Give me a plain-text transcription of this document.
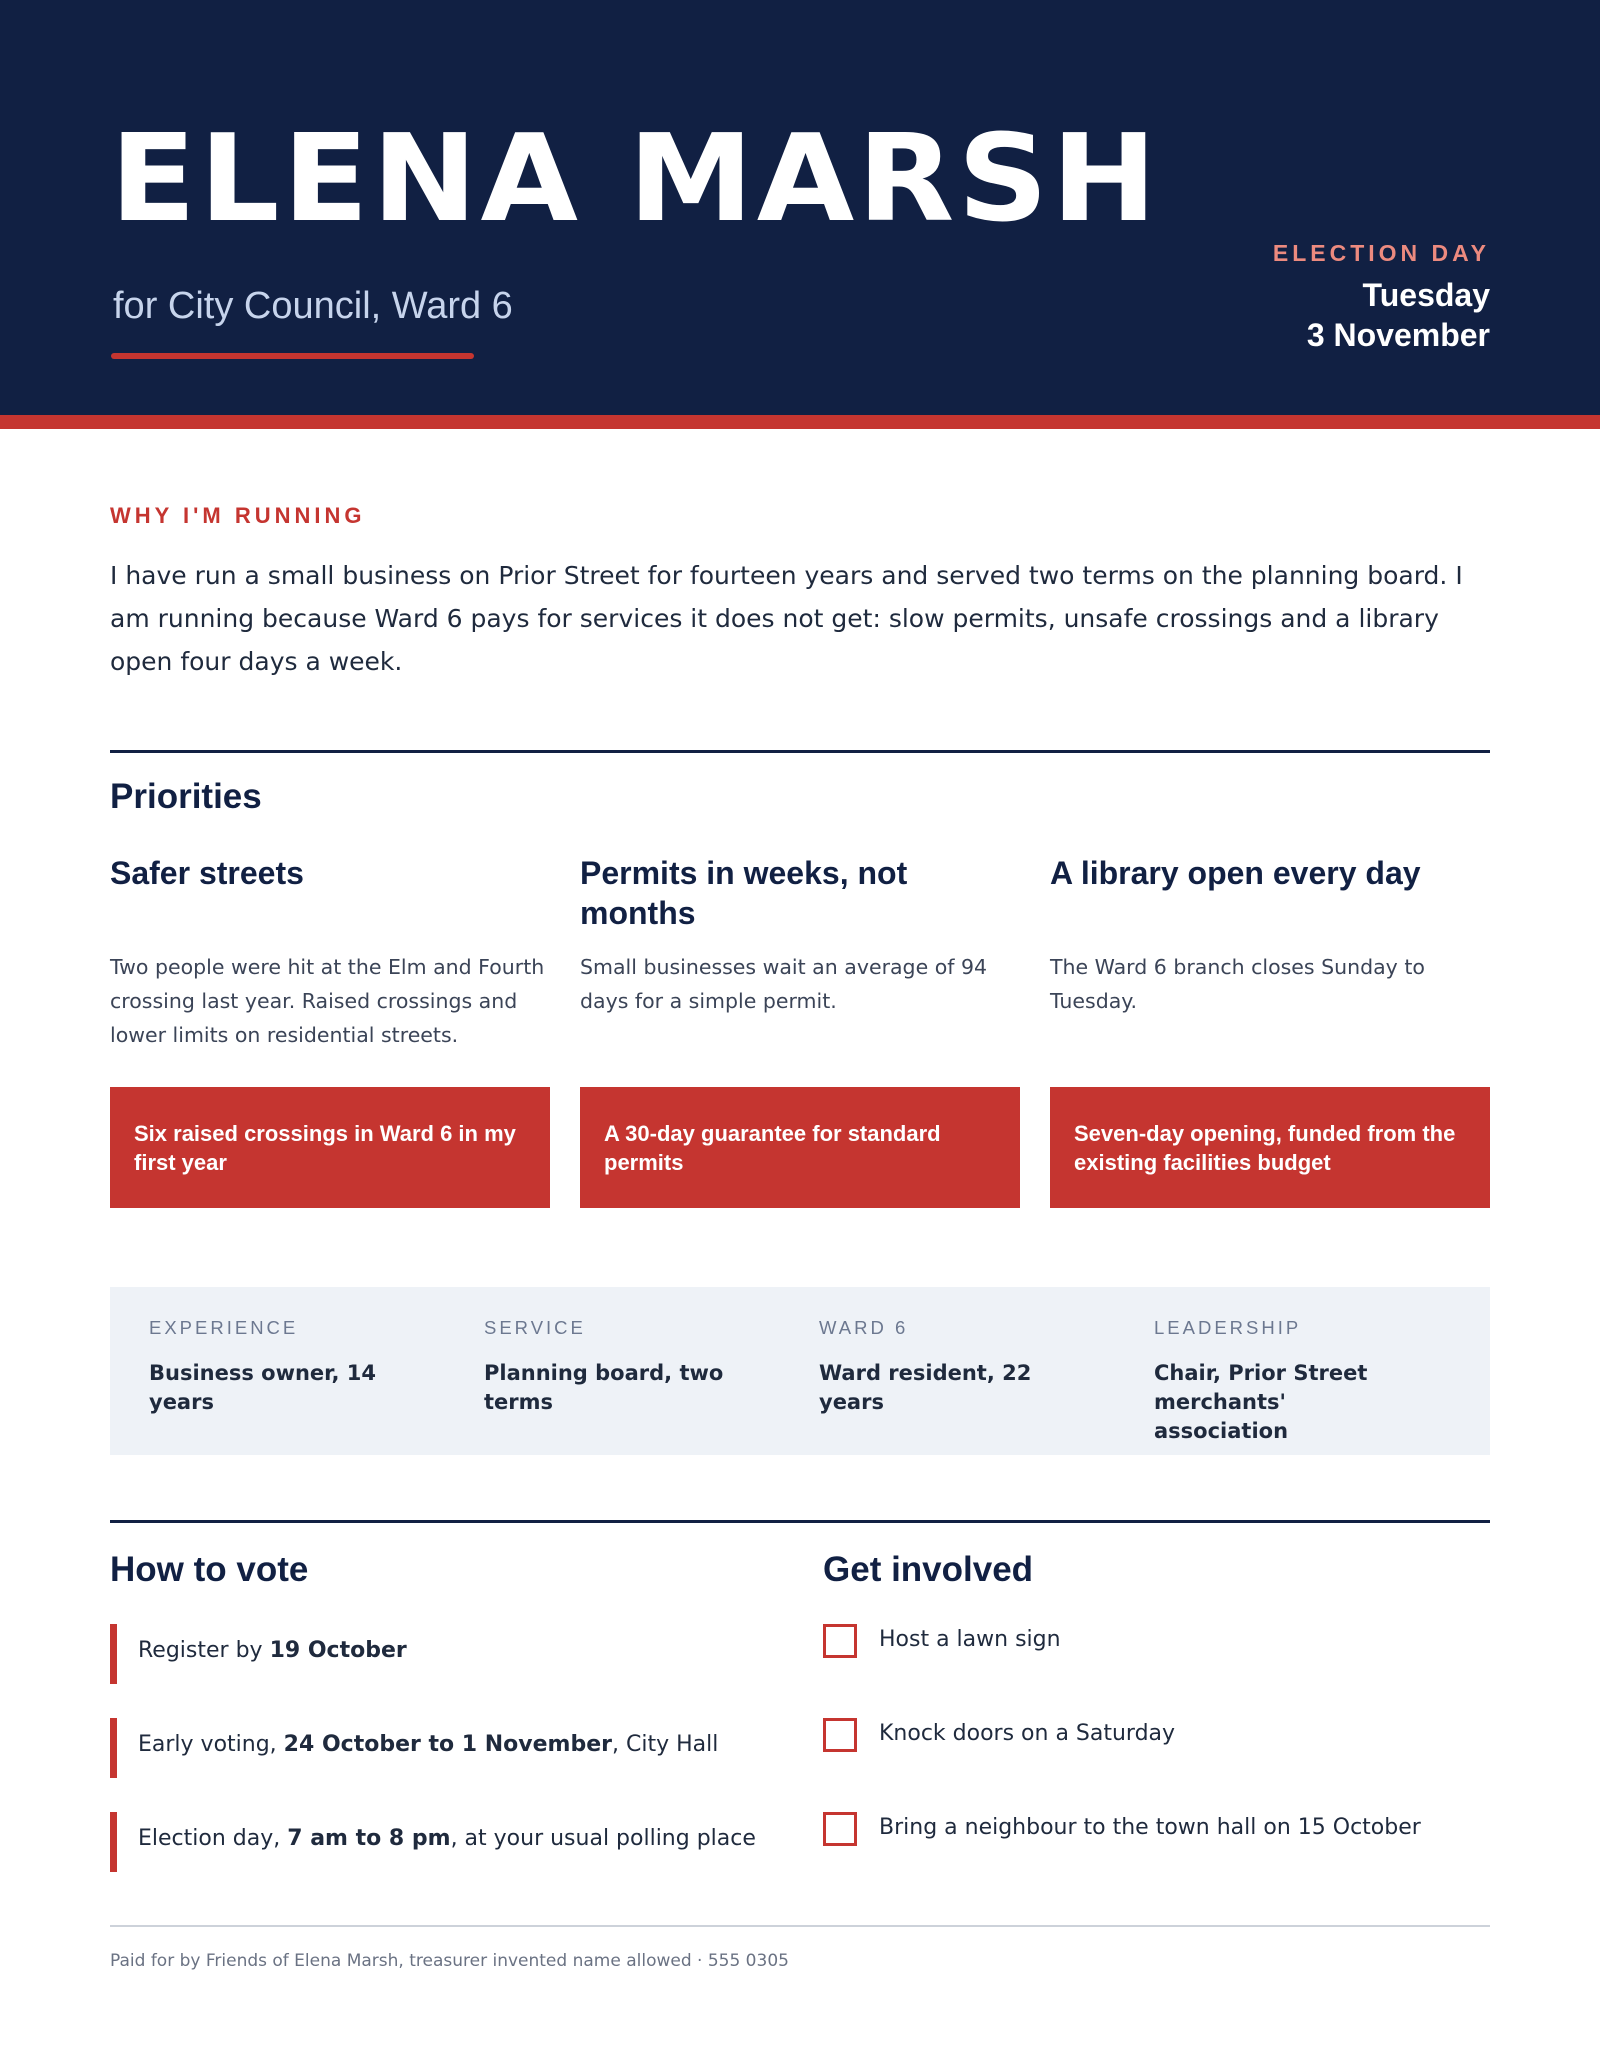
ELENA MARSH
for City Council, Ward 6
ELECTION DAY
Tuesday
3 November
WHY I'M RUNNING
I have run a small business on Prior Street for fourteen years and served two terms on the planning board. I am running because Ward 6 pays for services it does not get: slow permits, unsafe crossings and a library open four days a week.
Priorities
Safer streets
Two people were hit at the Elm and Fourth crossing last year. Raised crossings and lower limits on residential streets.
Six raised crossings in Ward 6 in my first year
Permits in weeks, not months
Small businesses wait an average of 94 days for a simple permit.
A 30-day guarantee for standard permits
A library open every day
The Ward 6 branch closes Sunday to Tuesday.
Seven-day opening, funded from the existing facilities budget
EXPERIENCE
Business owner, 14 years
SERVICE
Planning board, two terms
WARD 6
Ward resident, 22 years
LEADERSHIP
Chair, Prior Street merchants' association
How to vote	Get involved
Register by 19 October
Early voting, 24 October to 1 November, City Hall
Election day, 7 am to 8 pm, at your usual polling place
Host a lawn sign
Knock doors on a Saturday
Bring a neighbour to the town hall on 15 October
Paid for by Friends of Elena Marsh, treasurer invented name allowed · 555 0305
